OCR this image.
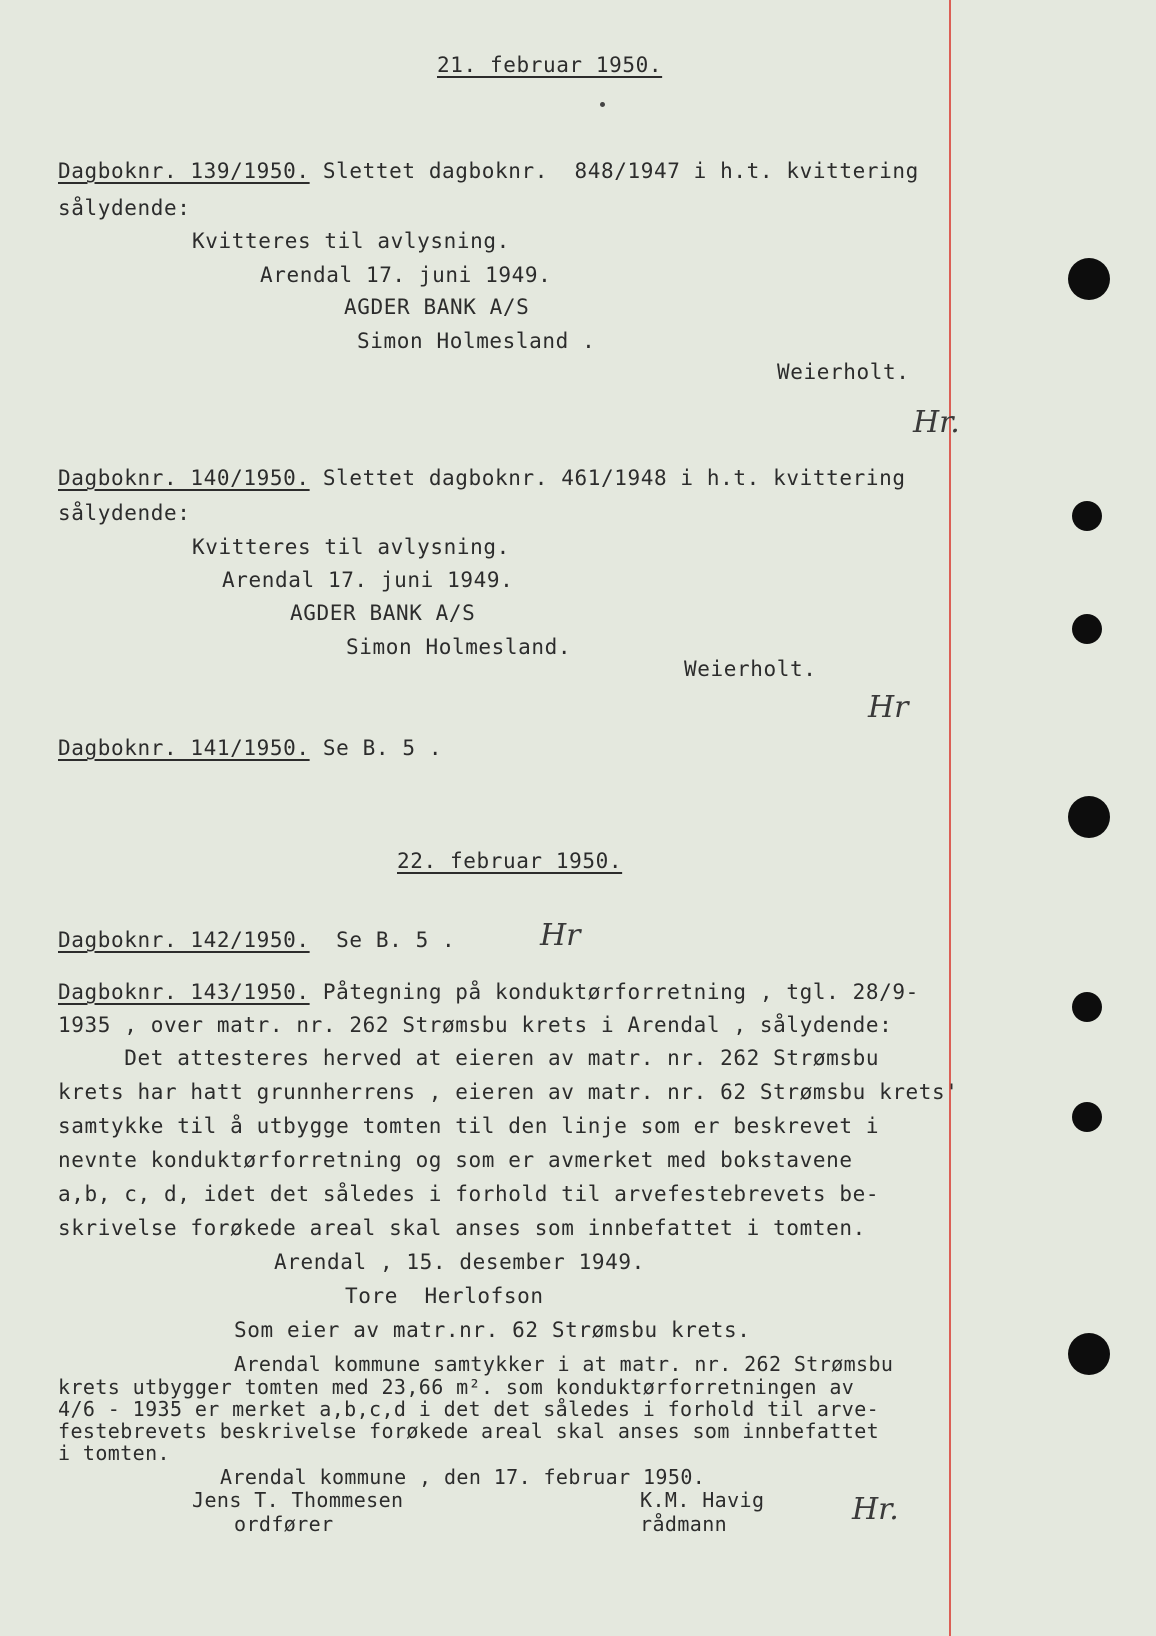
21. februar 1950.
Dagboknr. 139/1950. Slettet dagboknr.  848/1947 i h.t. kvittering
sålydende:
Kvitteres til avlysning.
Arendal 17. juni 1949.
AGDER BANK A/S
Simon Holmesland .
Weierholt.
Hr.
Dagboknr. 140/1950. Slettet dagboknr. 461/1948 i h.t. kvittering
sålydende:
Kvitteres til avlysning.
Arendal 17. juni 1949.
AGDER BANK A/S
Simon Holmesland.
Weierholt.
Hr
Dagboknr. 141/1950. Se B. 5 .
22. februar 1950.
Dagboknr. 142/1950.  Se B. 5 .	Hr
Dagboknr. 143/1950. Påtegning på konduktørforretning , tgl. 28/9-
1935 , over matr. nr. 262 Strømsbu krets i Arendal , sålydende:
Det attesteres herved at eieren av matr. nr. 262 Strømsbu
krets har hatt grunnherrens , eieren av matr. nr. 62 Strømsbu krets'
samtykke til å utbygge tomten til den linje som er beskrevet i
nevnte konduktørforretning og som er avmerket med bokstavene
a,b, c, d, idet det således i forhold til arvefestebrevets be-
skrivelse forøkede areal skal anses som innbefattet i tomten.
Arendal , 15. desember 1949.
Tore  Herlofson
Som eier av matr.nr. 62 Strømsbu krets.
Arendal kommune samtykker i at matr. nr. 262 Strømsbu
krets utbygger tomten med 23,66 m². som konduktørforretningen av
4/6 - 1935 er merket a,b,c,d i det det således i forhold til arve-
festebrevets beskrivelse forøkede areal skal anses som innbefattet
i tomten.
Arendal kommune , den 17. februar 1950.
Jens T. Thommesen	K.M. Havig
ordfører	rådmann	Hr.
